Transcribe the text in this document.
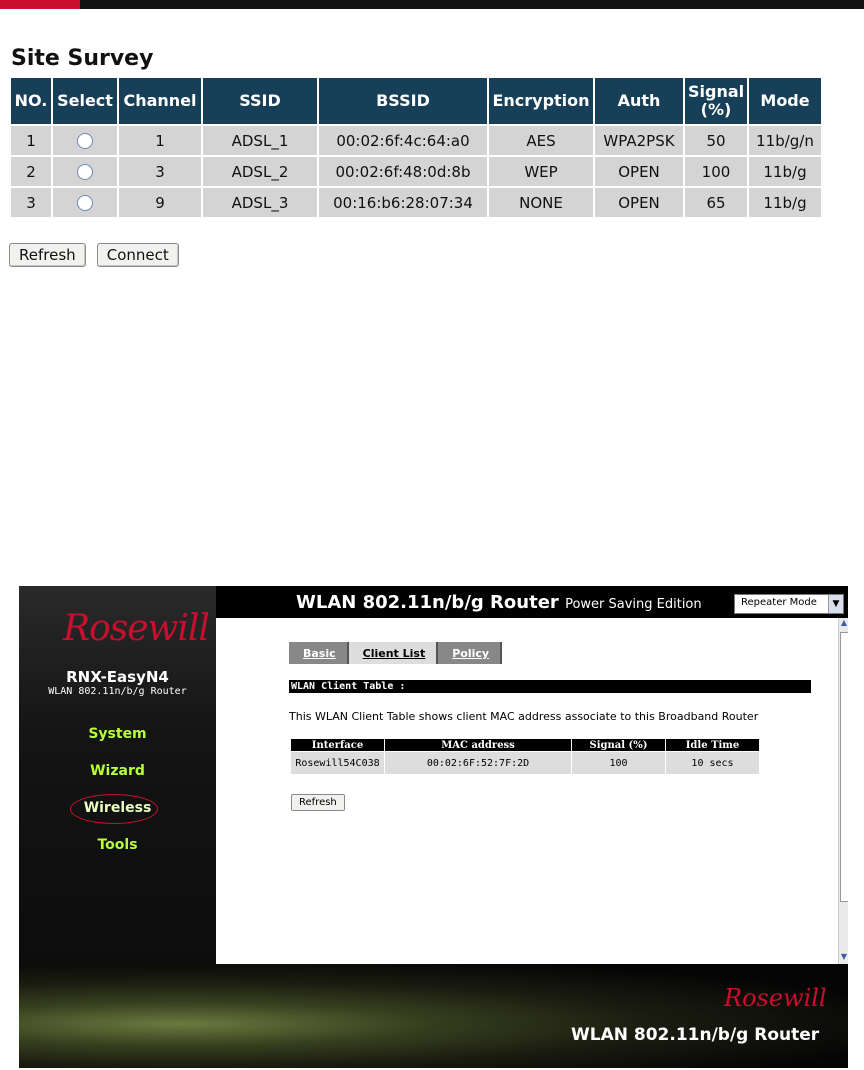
Site Survey
NO.	Select	Channel	SSID	BSSID	Encryption	Auth	Signal (%)	Mode
1		1	ADSL_1	00:02:6f:4c:64:a0	AES	WPA2PSK	50	11b/g/n
2		3	ADSL_2	00:02:6f:48:0d:8b	WEP	OPEN	100	11b/g
3		9	ADSL_3	00:16:b6:28:07:34	NONE	OPEN	65	11b/g
Refresh Connect
Rosewill
RNX-EasyN4
WLAN 802.11n/b/g Router
System
Wizard
Wireless
Tools
WLAN 802.11n/b/g Router Power Saving Edition	Repeater Mode	▼
Basic	Client List	Policy
WLAN Client Table :
This WLAN Client Table shows client MAC address associate to this Broadband Router
Interface	MAC address	Signal (%)	Idle Time
Rosewill54C038	00:02:6F:52:7F:2D	100	10 secs
Refresh
▲
▼
Rosewill
WLAN 802.11n/b/g Router
